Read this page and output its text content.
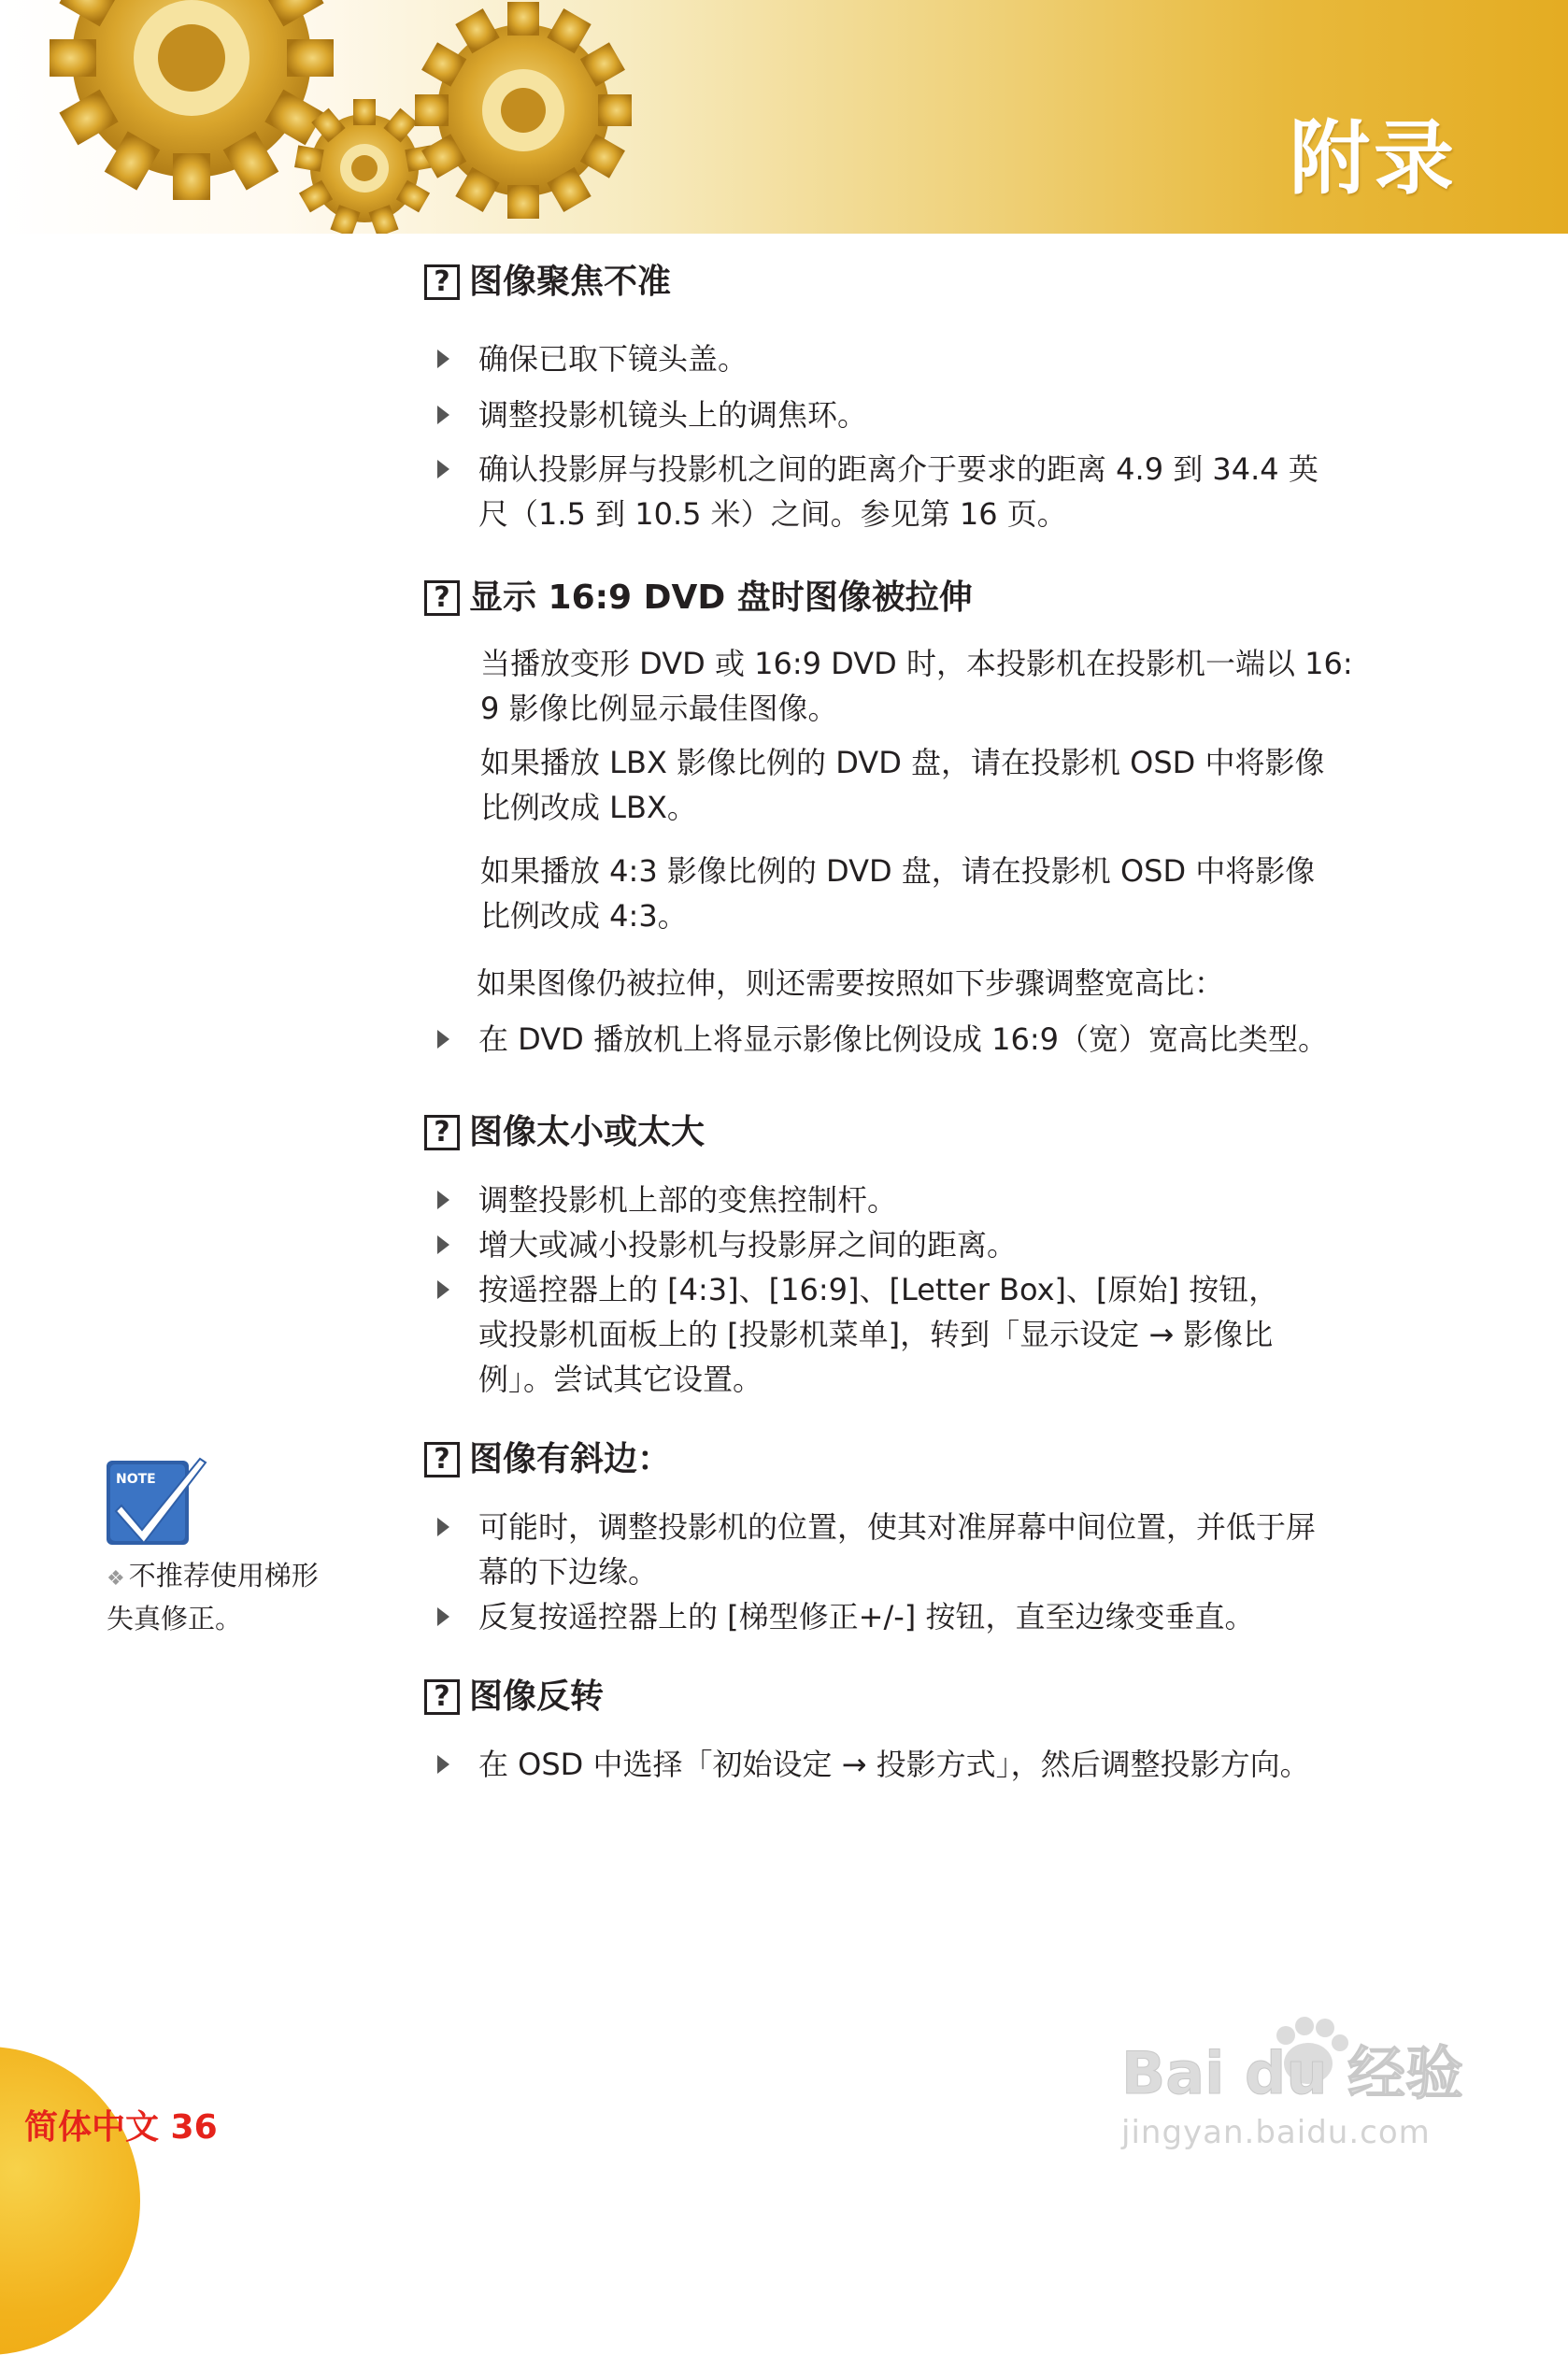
附录
? 图像聚焦不准
确保已取下镜头盖。
调整投影机镜头上的调焦环。
确认投影屏与投影机之间的距离介于要求的距离 4.9 到 34.4 英
尺（1.5 到 10.5 米）之间。参见第 16 页。
? 显示 16:9 DVD 盘时图像被拉伸
当播放变形 DVD 或 16:9 DVD 时，本投影机在投影机一端以 16:
9 影像比例显示最佳图像。
如果播放 LBX 影像比例的 DVD 盘，请在投影机 OSD 中将影像
比例改成 LBX。
如果播放 4:3 影像比例的 DVD 盘，请在投影机 OSD 中将影像
比例改成 4:3。
如果图像仍被拉伸，则还需要按照如下步骤调整宽高比：
在 DVD 播放机上将显示影像比例设成 16:9（宽）宽高比类型。
? 图像太小或太大
调整投影机上部的变焦控制杆。
增大或减小投影机与投影屏之间的距离。
按遥控器上的 [4:3]、[16:9]、[Letter Box]、[原始] 按钮，
或投影机面板上的 [投影机菜单]，转到「显示设定 → 影像比
例」。尝试其它设置。
? 图像有斜边：
可能时，调整投影机的位置，使其对准屏幕中间位置，并低于屏
幕的下边缘。
反复按遥控器上的 [梯型修正+/-] 按钮，直至边缘变垂直。
? 图像反转
在 OSD 中选择「初始设定 → 投影方式」，然后调整投影方向。
NOTE
❖ 不推荐使用梯形
失真修正。
简体中文 36
Bai du 经验
jingyan.baidu.com
